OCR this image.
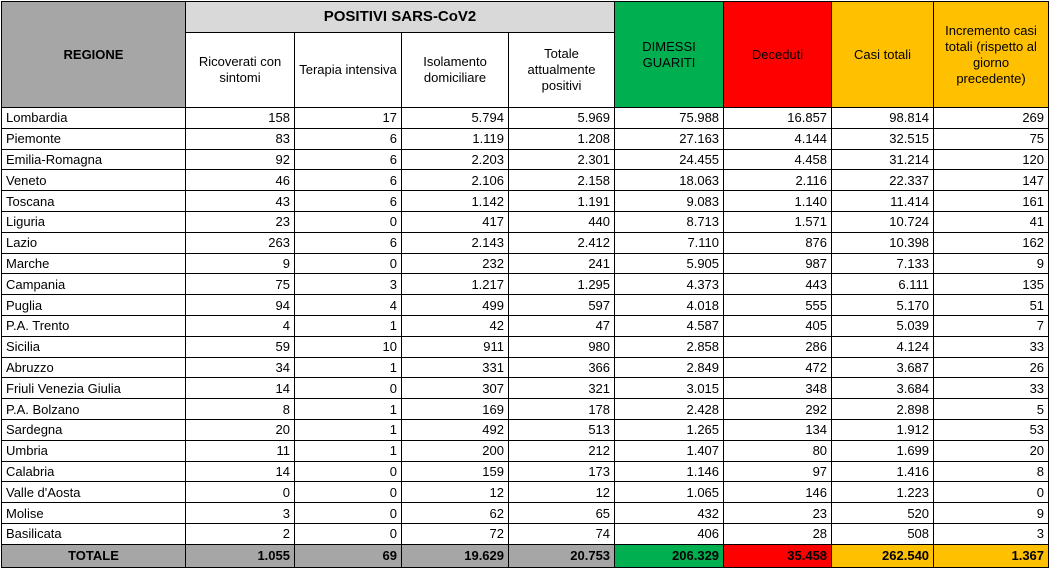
REGIONE	POSITIVI SARS-CoV2				DIMESSI GUARITI	Deceduti	Casi totali	Incremento casi totali (rispetto al giorno precedente)
	Ricoverati con sintomi	Terapia intensiva	Isolamento domiciliare	Totale attualmente positivi				
Lombardia	158	17	5.794	5.969	75.988	16.857	98.814	269
Piemonte	83	6	1.119	1.208	27.163	4.144	32.515	75
Emilia-Romagna	92	6	2.203	2.301	24.455	4.458	31.214	120
Veneto	46	6	2.106	2.158	18.063	2.116	22.337	147
Toscana	43	6	1.142	1.191	9.083	1.140	11.414	161
Liguria	23	0	417	440	8.713	1.571	10.724	41
Lazio	263	6	2.143	2.412	7.110	876	10.398	162
Marche	9	0	232	241	5.905	987	7.133	9
Campania	75	3	1.217	1.295	4.373	443	6.111	135
Puglia	94	4	499	597	4.018	555	5.170	51
P.A. Trento	4	1	42	47	4.587	405	5.039	7
Sicilia	59	10	911	980	2.858	286	4.124	33
Abruzzo	34	1	331	366	2.849	472	3.687	26
Friuli Venezia Giulia	14	0	307	321	3.015	348	3.684	33
P.A. Bolzano	8	1	169	178	2.428	292	2.898	5
Sardegna	20	1	492	513	1.265	134	1.912	53
Umbria	11	1	200	212	1.407	80	1.699	20
Calabria	14	0	159	173	1.146	97	1.416	8
Valle d'Aosta	0	0	12	12	1.065	146	1.223	0
Molise	3	0	62	65	432	23	520	9
Basilicata	2	0	72	74	406	28	508	3
TOTALE	1.055	69	19.629	20.753	206.329	35.458	262.540	1.367
